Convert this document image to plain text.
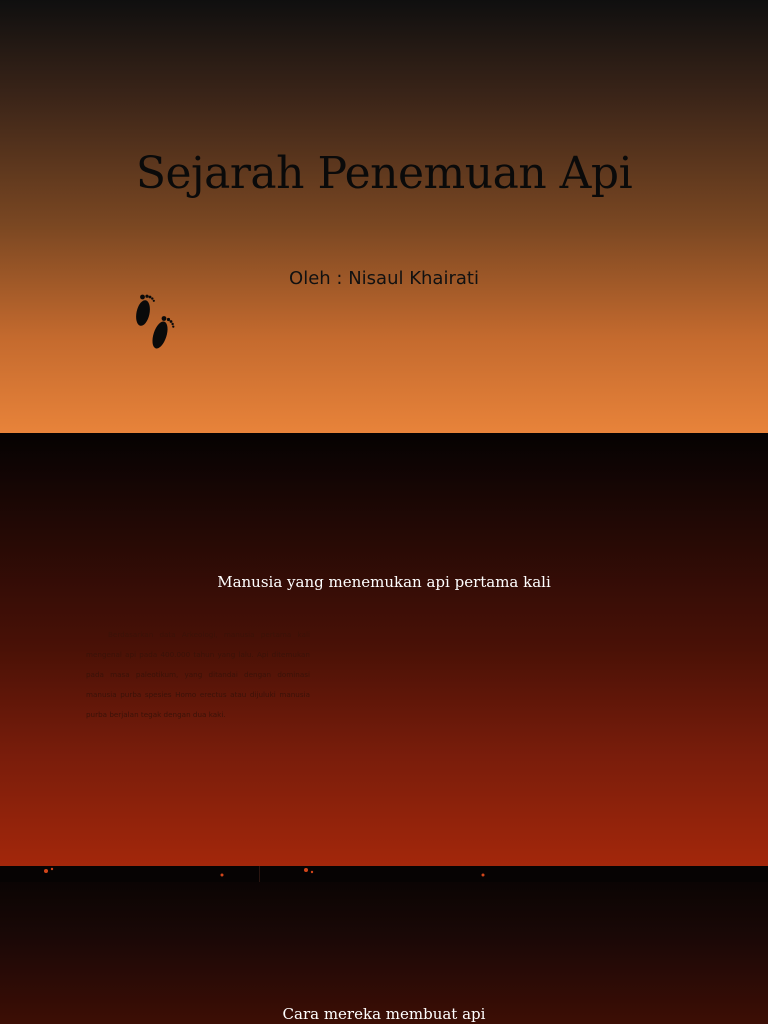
Sejarah Penemuan Api
Oleh : Nisaul Khairati
Manusia yang menemukan api pertama kali
Berdasarkan data Arkeologi, manusia pertama kali mengenal api pada 400.000 tahun yang lalu. Api ditemukan pada masa paleotikum, yang ditandai dengan dominasi manusia purba spesies Homo erectus atau dijuluki manusia purba berjalan tegak dengan dua kaki.
Cara mereka membuat api
